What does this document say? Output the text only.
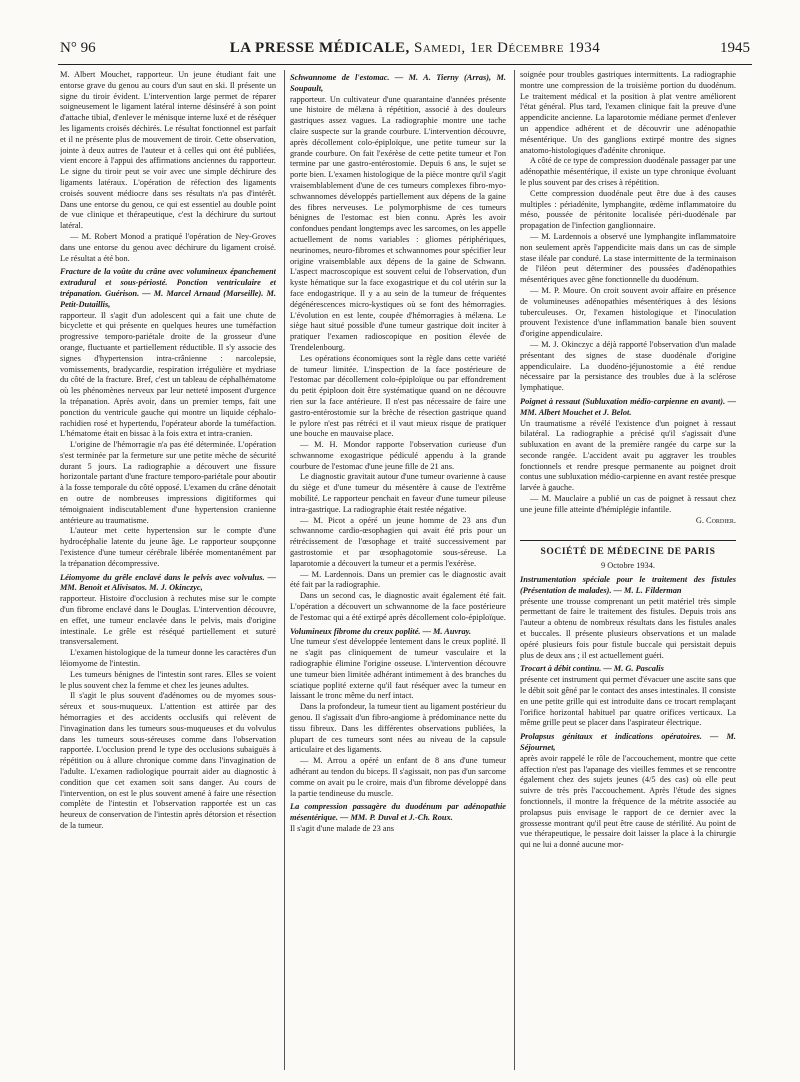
N° 96	LA PRESSE MÉDICALE, Samedi, 1er Décembre 1934	1945

M. Albert Mouchet, rapporteur. Un jeune étudiant fait une entorse grave du genou au cours d'un saut en ski. Il présente un signe du tiroir évident. L'intervention large permet de réparer soigneusement le ligament latéral interne désinséré à son point d'attache tibial, d'enlever le ménisque interne luxé et de réséquer les ligaments croisés déchirés. Le résultat fonctionnel est parfait et il ne présente plus de mouvement de tiroir. Cette observation, jointe à deux autres de l'auteur et à celles qui ont été publiées, vient encore à l'appui des affirmations anciennes du rapporteur. Le signe du tiroir peut se voir avec une simple déchirure des ligaments latéraux. L'opération de réfection des ligaments croisés souvent médiocre dans ses résultats n'a pas d'intérêt. Dans une entorse du genou, ce qui est essentiel au double point de vue clinique et thérapeutique, c'est la déchirure du surtout latéral.

— M. Robert Monod a pratiqué l'opération de Ney-Groves dans une entorse du genou avec déchirure du ligament croisé. Le résultat a été bon.

Fracture de la voûte du crâne avec volumineux épanchement extradural et sous-périosté. Ponction ventriculaire et trépanation. Guérison. — M. Marcel Arnaud (Marseille). M. Petit-Dutaillis,

rapporteur. Il s'agit d'un adolescent qui a fait une chute de bicyclette et qui présente en quelques heures une tuméfaction progressive temporo-pariétale droite de la grosseur d'une orange, fluctuante et partiellement réductible. Il s'y associe des signes d'hypertension intra-crânienne : narcolepsie, vomissements, bradycardie, respiration irrégulière et mydriase du côté de la fracture. Bref, c'est un tableau de céphalhématome où les phénomènes nerveux par leur netteté imposent d'urgence la trépanation. Après avoir, dans un premier temps, fait une ponction du ventricule gauche qui montre un liquide céphalo-rachidien rosé et hypertendu, l'opérateur aborde la tuméfaction. L'hématome était en bissac à la fois extra et intra-cranien.

L'origine de l'hémorragie n'a pas été déterminée. L'opération s'est terminée par la fermeture sur une petite mèche de sécurité durant 5 jours. La radiographie a découvert une fissure horizontale partant d'une fracture temporo-pariétale pour aboutir à la fosse temporale du côté opposé. L'examen du crâne dénotait en outre de nombreuses impressions digitiformes qui témoignaient indiscutablement d'une hypertension cranienne antérieure au traumatisme.

L'auteur met cette hypertension sur le compte d'une hydrocéphalie latente du jeune âge. Le rapporteur soupçonne l'existence d'une tumeur cérébrale libérée momentanément par la trépanation décompressive.

Léiomyome du grêle enclavé dans le pelvis avec volvulus. — MM. Benoit et Alivisatos. M. J. Okinczyc,

rapporteur. Histoire d'occlusion à rechutes mise sur le compte d'un fibrome enclavé dans le Douglas. L'intervention découvre, en effet, une tumeur enclavée dans le pelvis, mais d'origine intestinale. Le grêle est réséqué partiellement et suturé transversalement.

L'examen histologique de la tumeur donne les caractères d'un léiomyome de l'intestin.

Les tumeurs bénignes de l'intestin sont rares. Elles se voient le plus souvent chez la femme et chez les jeunes adultes.

Il s'agit le plus souvent d'adénomes ou de myomes sous-séreux et sous-muqueux. L'attention est attirée par des hémorragies et des accidents occlusifs qui relèvent de l'invagination dans les tumeurs sous-muqueuses et du volvulus dans les tumeurs sous-séreuses comme dans l'observation rapportée. L'occlusion prend le type des occlusions subaiguës à répétition ou à allure chronique comme dans l'invagination de l'adulte. L'examen radiologique pourrait aider au diagnostic à condition que cet examen soit sans danger. Au cours de l'intervention, on est le plus souvent amené à faire une résection complète de l'intestin et l'observation rapportée est un cas heureux de conservation de l'intestin après détorsion et résection de la tumeur.

Schwannome de l'estomac. — M. A. Tierny (Arras), M. Soupault,

rapporteur. Un cultivateur d'une quarantaine d'années présente une histoire de mélæna à répétition, associé à des douleurs gastriques assez vagues. La radiographie montre une tache claire suspecte sur la grande courbure. L'intervention découvre, après décollement colo-épiploïque, une petite tumeur sur la grande courbure. On fait l'exérèse de cette petite tumeur et l'on termine par une gastro-entérostomie. Depuis 6 ans, le sujet se porte bien. L'examen histologique de la pièce montre qu'il s'agit vraisemblablement d'une de ces tumeurs complexes fibro-myo-schwannomes développés partiellement aux dépens de la gaine des fibres nerveuses. Le polymorphisme de ces tumeurs bénignes de l'estomac est bien connu. Après les avoir confondues pendant longtemps avec les sarcomes, on les appelle actuellement de noms variables : gliomes périphériques, neurinomes, neuro-fibromes et schwannomes pour spécifier leur origine vraisemblable aux dépens de la gaine de Schwann. L'aspect macroscopique est souvent celui de l'observation, d'un kyste hématique sur la face exogastrique et du col utérin sur la face endogastrique. Il y a au sein de la tumeur de fréquentes dégénérescences micro-kystiques où se font des hémorragies. L'évolution en est lente, coupée d'hémorragies à mélæna. Le siège haut situé possible d'une tumeur gastrique doit inciter à pratiquer l'examen radioscopique en position élevée de Trendelenbourg.

Les opérations économiques sont la règle dans cette variété de tumeur limitée. L'inspection de la face postérieure de l'estomac par décollement colo-épiploïque ou par effondrement du petit épiploon doit être systématique quand on ne découvre rien sur la face antérieure. Il n'est pas nécessaire de faire une gastro-entérostomie sur la brèche de résection gastrique quand le pylore n'est pas rétréci et il vaut mieux risque de pratiquer une bouche en mauvaise place.

— M. H. Mondor rapporte l'observation curieuse d'un schwannome exogastrique pédiculé appendu à la grande courbure de l'estomac d'une jeune fille de 21 ans.

Le diagnostic gravitait autour d'une tumeur ovarienne à cause du siège et d'une tumeur du mésentère à cause de l'extrême mobilité. Le rapporteur penchait en faveur d'une tumeur pileuse intra-gastrique. La radiographie était restée négative.

— M. Picot a opéré un jeune homme de 23 ans d'un schwannome cardio-œsophagien qui avait été pris pour un rétrécissement de l'œsophage et traité successivement par gastrostomie et par œsophagotomie sous-séreuse. La laparotomie a découvert la tumeur et a permis l'exérèse.

— M. Lardennois. Dans un premier cas le diagnostic avait été fait par la radiographie.

Dans un second cas, le diagnostic avait également été fait. L'opération a découvert un schwannome de la face postérieure de l'estomac qui a été extirpé après décollement colo-épiploïque.

Volumineux fibrome du creux poplité. — M. Auvray.

Une tumeur s'est développée lentement dans le creux poplité. Il ne s'agit pas cliniquement de tumeur vasculaire et la radiographie élimine l'origine osseuse. L'intervention découvre une tumeur bien limitée adhérant intimement à des branches du sciatique poplité externe qu'il faut réséquer avec la tumeur en laissant le tronc même du nerf intact.

Dans la profondeur, la tumeur tient au ligament postérieur du genou. Il s'agissait d'un fibro-angiome à prédominance nette du tissu fibreux. Dans les différentes observations publiées, la plupart de ces tumeurs sont nées au niveau de la capsule articulaire et des ligaments.

— M. Arrou a opéré un enfant de 8 ans d'une tumeur adhérant au tendon du biceps. Il s'agissait, non pas d'un sarcome comme on avait pu le croire, mais d'un fibrome développé dans la partie tendineuse du muscle.

La compression passagère du duodénum par adénopathie mésentérique. — MM. P. Duval et J.-Ch. Roux.

Il s'agit d'une malade de 23 ans

soignée pour troubles gastriques intermittents. La radiographie montre une compression de la troisième portion du duodénum. Le traitement médical et la position à plat ventre améliorent l'état général. Plus tard, l'examen clinique fait la preuve d'une appendicite ancienne. La laparotomie médiane permet d'enlever un appendice adhérent et de découvrir une adénopathie mésentérique. Un des ganglions extirpé montre des signes anatomo-histologiques d'adénite chronique.

A côté de ce type de compression duodénale passager par une adénopathie mésentérique, il existe un type chronique évoluant le plus souvent par des crises à répétition.

Cette compression duodénale peut être due à des causes multiples : périadénite, lymphangite, œdème inflammatoire du méso, poussée de péritonite localisée péri-duodénale par propagation de l'infection ganglionnaire.

— M. Lardennois a observé une lymphangite inflammatoire non seulement après l'appendicite mais dans un cas de simple stase iléale par conduré. La stase intermittente de la terminaison de l'iléon peut déterminer des poussées d'adénopathies mésentériques avec gêne fonctionnelle du duodénum.

— M. P. Moure. On croit souvent avoir affaire en présence de volumineuses adénopathies mésentériques à des lésions tuberculeuses. Or, l'examen histologique et l'inoculation prouvent l'existence d'une inflammation banale bien souvent d'origine appendiculaire.

— M. J. Okinczyc a déjà rapporté l'observation d'un malade présentant des signes de stase duodénale d'origine appendiculaire. La duodéno-jéjunostomie a été rendue nécessaire par la persistance des troubles due à la sclérose lymphatique.

Poignet à ressaut (Subluxation médio-carpienne en avant). — MM. Albert Mouchet et J. Belot.

Un traumatisme a révélé l'existence d'un poignet à ressaut bilatéral. La radiographie a précisé qu'il s'agissait d'une subluxation en avant de la première rangée du carpe sur la seconde rangée. L'accident avait pu aggraver les troubles fonctionnels et rendre presque permanente au poignet droit contus une subluxation médio-carpienne en avant restée presque larvée à gauche.

— M. Mauclaire a publié un cas de poignet à ressaut chez une jeune fille atteinte d'hémiplégie infantile.

G. Cordier.

SOCIÉTÉ DE MÉDECINE DE PARIS
9 Octobre 1934.

Instrumentation spéciale pour le traitement des fistules (Présentation de malades). — M. L. Filderman

présente une trousse comprenant un petit matériel très simple permettant de faire le traitement des fistules. Depuis trois ans l'auteur a obtenu de nombreux résultats dans les fistules anales et buccales. Il présente plusieurs observations et un malade opéré plusieurs fois pour fistule buccale qui persistait depuis plus de deux ans ; il est actuellement guéri.

Trocart à débit continu. — M. G. Pascalis

présente cet instrument qui permet d'évacuer une ascite sans que le débit soit gêné par le contact des anses intestinales. Il consiste en une petite grille qui est introduite dans ce trocart remplaçant l'orifice horizontal habituel par quatre orifices verticaux. La même grille peut se placer dans l'aspirateur électrique.

Prolapsus génitaux et indications opératoires. — M. Séjournet,

après avoir rappelé le rôle de l'accouchement, montre que cette affection n'est pas l'apanage des vieilles femmes et se rencontre également chez des sujets jeunes (4/5 des cas) où elle peut suivre de très près l'accouchement. Après l'étude des signes fonctionnels, il montre la fréquence de la métrite associée au prolapsus puis envisage le rapport de ce dernier avec la grossesse montrant qu'il peut être cause de stérilité. Au point de vue thérapeutique, le pessaire doit laisser la place à la chirurgie qui ne lui a donné aucune mor-
